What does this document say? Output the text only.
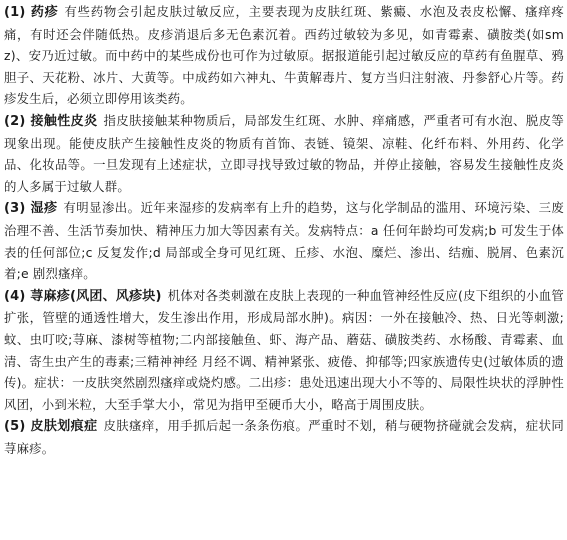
(1) 药疹 有些药物会引起皮肤过敏反应，主要表现为皮肤红斑、紫癜、水泡及表皮松懈、瘙痒疼痛，有时还会伴随低热。皮疹消退后多无色素沉着。西药过敏较为多见，如青霉素、磺胺类(如smz)、安乃近过敏。而中药中的某些成份也可作为过敏原。据报道能引起过敏反应的草药有鱼腥草、鸦胆子、天花粉、冰片、大黄等。中成药如六神丸、牛黄解毒片、复方当归注射液、丹参舒心片等。药疹发生后，必须立即停用该类药。

(2) 接触性皮炎 指皮肤接触某种物质后，局部发生红斑、水肿、痒痛感，严重者可有水泡、脱皮等现象出现。能使皮肤产生接触性皮炎的物质有首饰、表链、镜架、凉鞋、化纤布料、外用药、化学品、化妆品等。一旦发现有上述症状，立即寻找导致过敏的物品，并停止接触，容易发生接触性皮炎的人多属于过敏人群。

(3) 湿疹 有明显渗出。近年来湿疹的发病率有上升的趋势，这与化学制品的滥用、环境污染、三废治理不善、生活节奏加快、精神压力加大等因素有关。发病特点：a 任何年龄均可发病;b 可发生于体表的任何部位;c 反复发作;d 局部或全身可见红斑、丘疹、水泡、糜烂、渗出、结痂、脱屑、色素沉着;e 剧烈瘙痒。

(4) 荨麻疹(风团、风疹块) 机体对各类刺激在皮肤上表现的一种血管神经性反应(皮下组织的小血管扩张，管壁的通透性增大，发生渗出作用，形成局部水肿)。病因：一外在接触冷、热、日光等刺激;蚊、虫叮咬;荨麻、漆树等植物;二内部接触鱼、虾、海产品、蘑菇、磺胺类药、水杨酸、青霉素、血清、寄生虫产生的毒素;三精神神经 月经不调、精神紧张、疲倦、抑郁等;四家族遗传史(过敏体质的遗传)。症状：一皮肤突然剧烈瘙痒或烧灼感。二出疹：患处迅速出现大小不等的、局限性块状的浮肿性风团，小到米粒，大至手掌大小，常见为指甲至硬币大小，略高于周围皮肤。

(5) 皮肤划痕症 皮肤瘙痒，用手抓后起一条条伤痕。严重时不划，稍与硬物挤碰就会发病，症状同荨麻疹。
